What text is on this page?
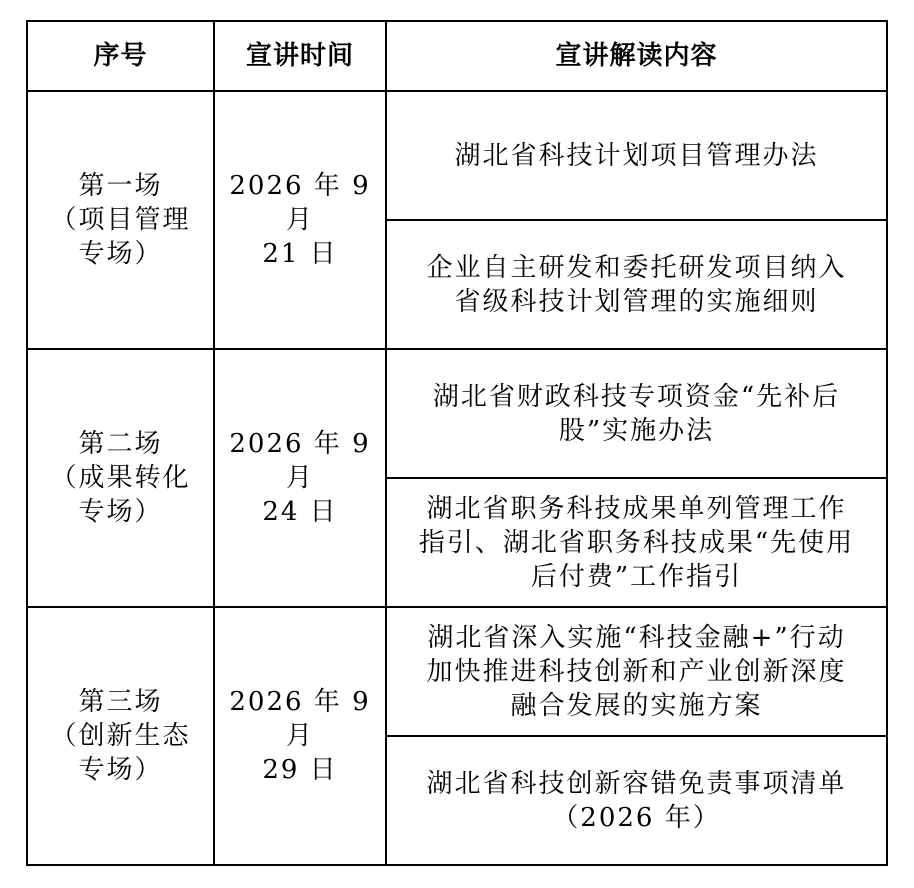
序号	宣讲时间	宣讲解读内容

第一场
（项目管理
专场）	2026 年 9 月
21 日	湖北省科技计划项目管理办法

		企业自主研发和委托研发项目纳入
省级科技计划管理的实施细则

第二场
（成果转化
专场）	2026 年 9 月
24 日	湖北省财政科技专项资金“先补后
股”实施办法

		湖北省职务科技成果单列管理工作
指引、湖北省职务科技成果“先使用
后付费”工作指引

第三场
（创新生态
专场）	2026 年 9 月
29 日	湖北省深入实施“科技金融+”行动
加快推进科技创新和产业创新深度
融合发展的实施方案

		湖北省科技创新容错免责事项清单
（2026 年）
